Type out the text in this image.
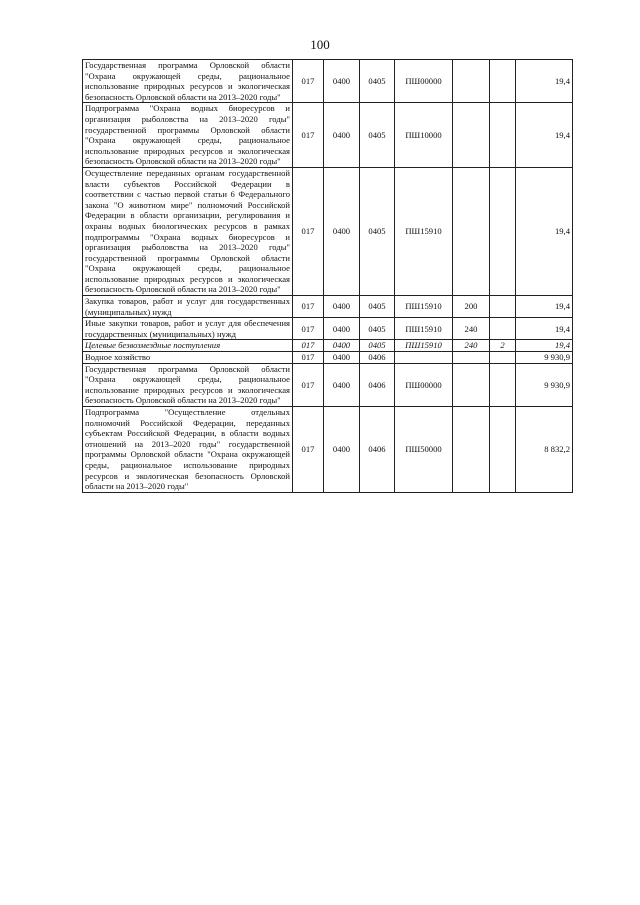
100
Государственная программа Орловской области "Охрана окружающей среды, рациональное использование природных ресурсов и экологическая безопасность Орловской области на 2013–2020 годы"	017	0400	0405	ПШ00000			19,4
Подпрограмма "Охрана водных биоресурсов и организация рыболовства на 2013–2020 годы" государственной программы Орловской области "Охрана окружающей среды, рациональное использование природных ресурсов и экологическая безопасность Орловской области на 2013–2020 годы"	017	0400	0405	ПШ10000			19,4
Осуществление переданных органам государственной власти субъектов Российской Федерации в соответствии с частью первой статьи 6 Федерального закона "О животном мире" полномочий Российской Федерации в области организации, регулирования и охраны водных биологических ресурсов в рамках подпрограммы "Охрана водных биоресурсов и организация рыболовства на 2013–2020 годы" государственной программы Орловской области "Охрана окружающей среды, рациональное использование природных ресурсов и экологическая безопасность Орловской области на 2013–2020 годы"	017	0400	0405	ПШ15910			19,4
Закупка товаров, работ и услуг для государственных (муниципальных) нужд	017	0400	0405	ПШ15910	200		19,4
Иные закупки товаров, работ и услуг для обеспечения государственных (муниципальных) нужд	017	0400	0405	ПШ15910	240		19,4
Целевые безвозмездные поступления	017	0400	0405	ПШ15910	240	2	19,4
Водное хозяйство	017	0400	0406				9 930,9
Государственная программа Орловской области "Охрана окружающей среды, рациональное использование природных ресурсов и экологическая безопасность Орловской области на 2013–2020 годы"	017	0400	0406	ПШ00000			9 930,9
Подпрограмма "Осуществление отдельных полномочий Российской Федерации, переданных субъектам Российской Федерации, в области водных отношений на 2013–2020 годы" государственной программы Орловской области "Охрана окружающей среды, рациональное использование природных ресурсов и экологическая безопасность Орловской области на 2013–2020 годы"	017	0400	0406	ПШ50000			8 832,2
